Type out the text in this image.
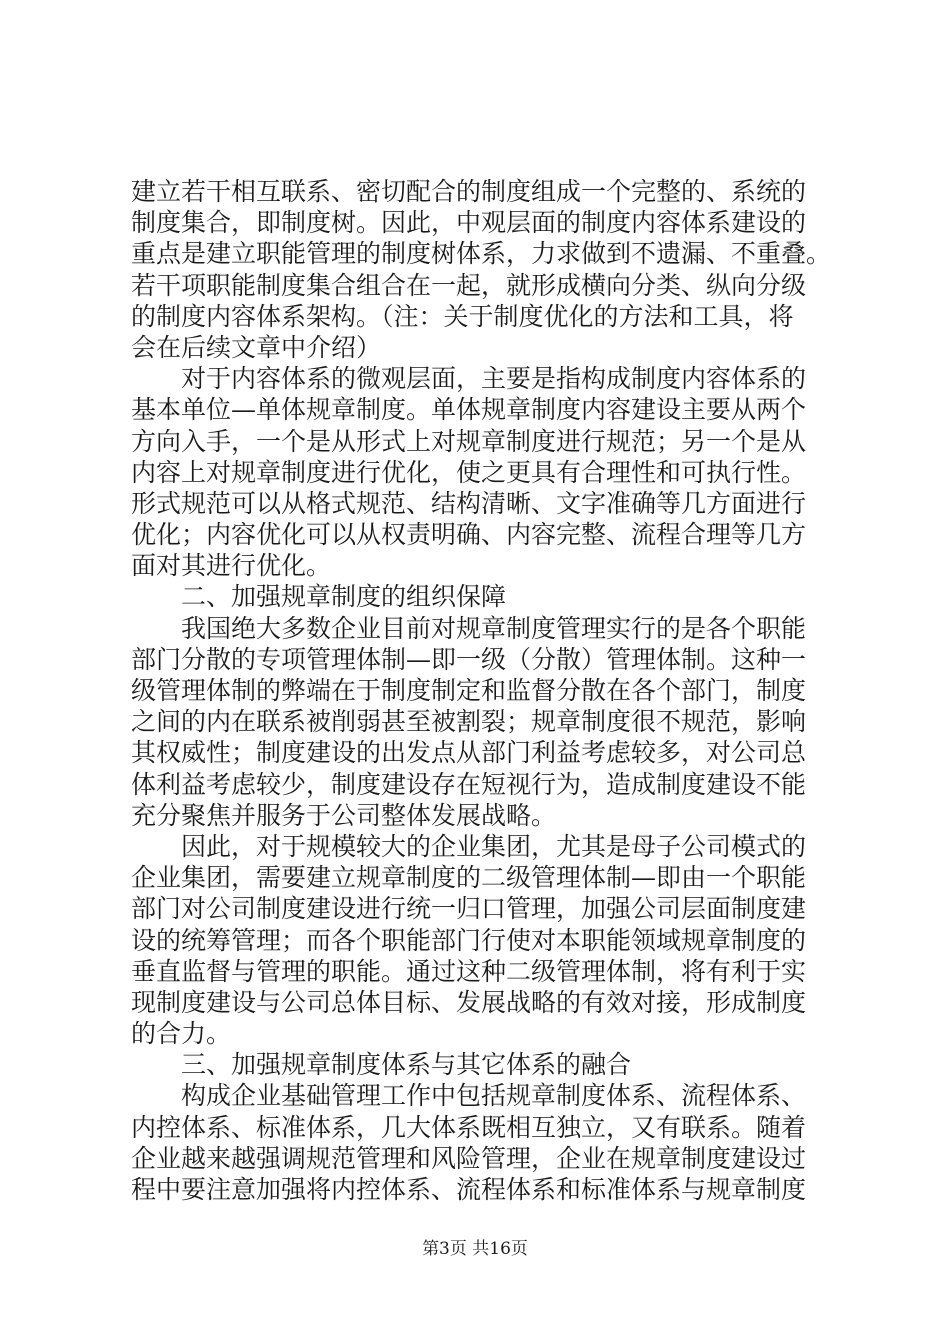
建立若干相互联系、密切配合的制度组成一个完整的、系统的
制度集合，即制度树。因此，中观层面的制度内容体系建设的
重点是建立职能管理的制度树体系，力求做到不遗漏、不重叠。
若干项职能制度集合组合在一起，就形成横向分类、纵向分级
的制度内容体系架构。（注：关于制度优化的方法和工具，将
会在后续文章中介绍）
对于内容体系的微观层面，主要是指构成制度内容体系的
基本单位—单体规章制度。单体规章制度内容建设主要从两个
方向入手，一个是从形式上对规章制度进行规范；另一个是从
内容上对规章制度进行优化，使之更具有合理性和可执行性。
形式规范可以从格式规范、结构清晰、文字准确等几方面进行
优化；内容优化可以从权责明确、内容完整、流程合理等几方
面对其进行优化。
二、加强规章制度的组织保障
我国绝大多数企业目前对规章制度管理实行的是各个职能
部门分散的专项管理体制—即一级（分散）管理体制。这种一
级管理体制的弊端在于制度制定和监督分散在各个部门，制度
之间的内在联系被削弱甚至被割裂；规章制度很不规范，影响
其权威性；制度建设的出发点从部门利益考虑较多，对公司总
体利益考虑较少，制度建设存在短视行为，造成制度建设不能
充分聚焦并服务于公司整体发展战略。
因此，对于规模较大的企业集团，尤其是母子公司模式的
企业集团，需要建立规章制度的二级管理体制—即由一个职能
部门对公司制度建设进行统一归口管理，加强公司层面制度建
设的统筹管理；而各个职能部门行使对本职能领域规章制度的
垂直监督与管理的职能。通过这种二级管理体制，将有利于实
现制度建设与公司总体目标、发展战略的有效对接，形成制度
的合力。
三、加强规章制度体系与其它体系的融合
构成企业基础管理工作中包括规章制度体系、流程体系、
内控体系、标准体系，几大体系既相互独立，又有联系。随着
企业越来越强调规范管理和风险管理，企业在规章制度建设过
程中要注意加强将内控体系、流程体系和标准体系与规章制度
第3页 共16页
